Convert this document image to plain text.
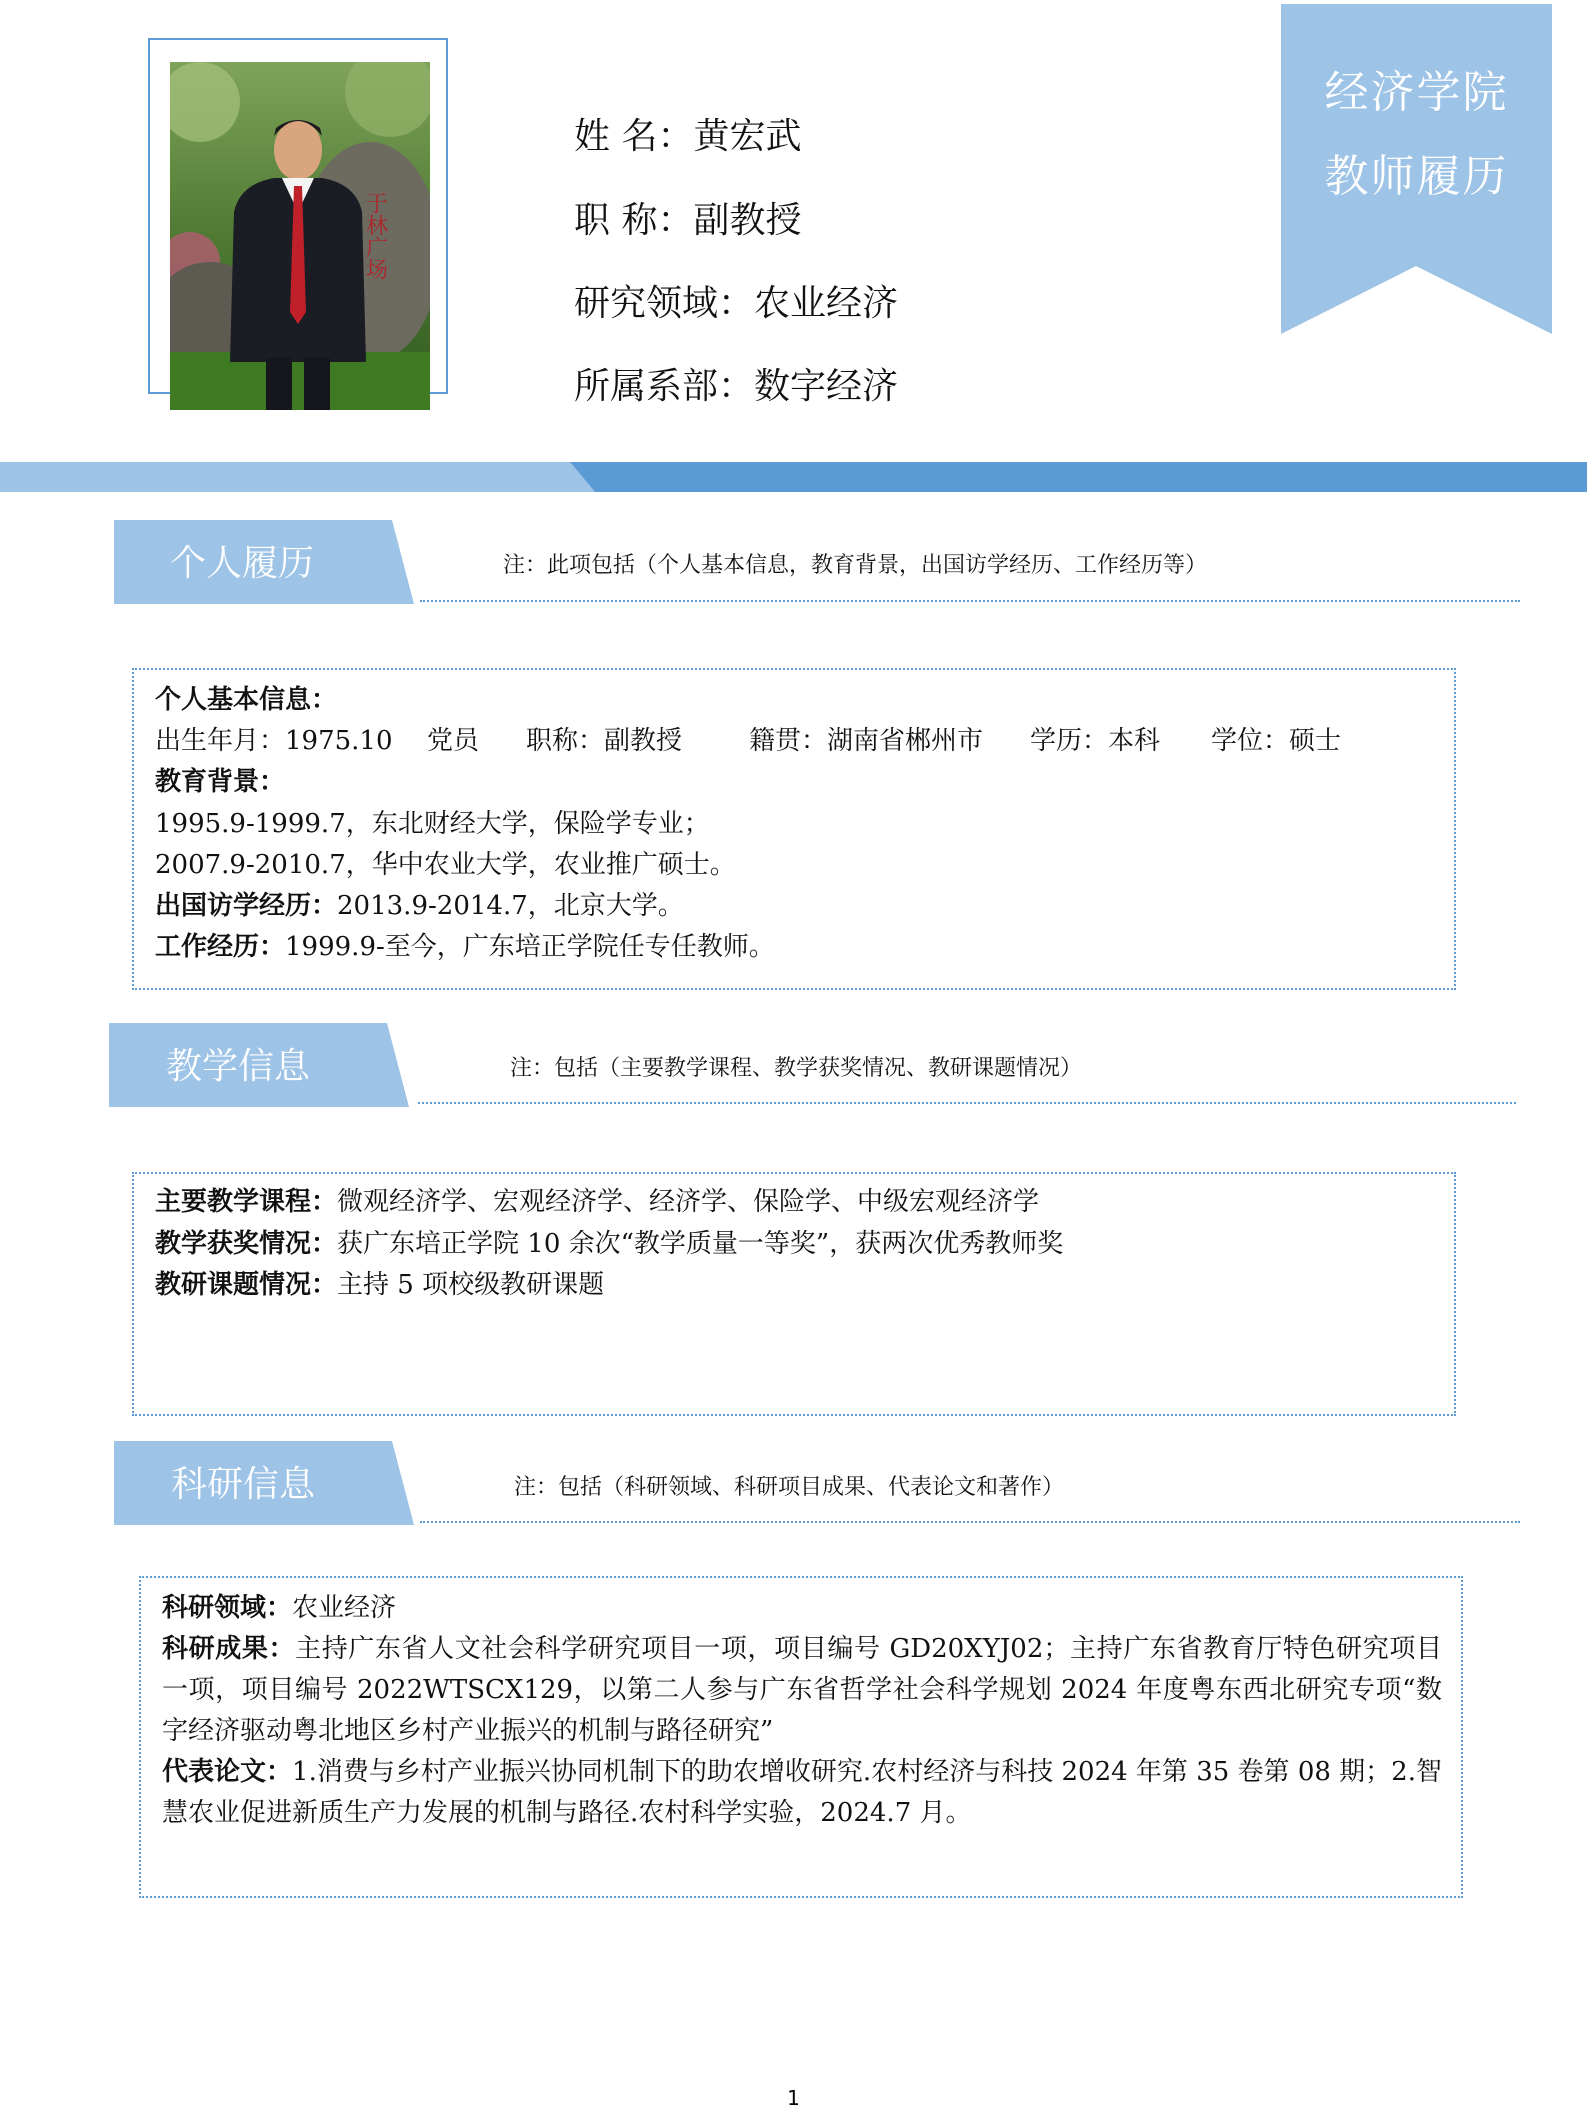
经济学院
教师履历
于林广场
姓 名：黄宏武
职 称：副教授
研究领域：农业经济
所属系部：数字经济
个人履历	注：此项包括（个人基本信息，教育背景，出国访学经历、工作经历等）
个人基本信息：
出生年月：1975.10 党员 职称：副教授	籍贯：湖南省郴州市 学历：本科 学位：硕士
教育背景：
1995.9-1999.7，东北财经大学，保险学专业；
2007.9-2010.7，华中农业大学，农业推广硕士。
出国访学经历：2013.9-2014.7，北京大学。
工作经历：1999.9-至今，广东培正学院任专任教师。
教学信息	注：包括（主要教学课程、教学获奖情况、教研课题情况）
主要教学课程：微观经济学、宏观经济学、经济学、保险学、中级宏观经济学
教学获奖情况：获广东培正学院 10 余次“教学质量一等奖”，获两次优秀教师奖
教研课题情况：主持 5 项校级教研课题
科研信息	注：包括（科研领域、科研项目成果、代表论文和著作）
科研领域：农业经济
科研成果：主持广东省人文社会科学研究项目一项，项目编号 GD20XYJ02；主持广东省教育厅特色研究项目一项，项目编号 2022WTSCX129，以第二人参与广东省哲学社会科学规划 2024 年度粤东西北研究专项“数字经济驱动粤北地区乡村产业振兴的机制与路径研究”
代表论文：1.消费与乡村产业振兴协同机制下的助农增收研究.农村经济与科技 2024 年第 35 卷第 08 期；2.智慧农业促进新质生产力发展的机制与路径.农村科学实验，2024.7 月。
1
